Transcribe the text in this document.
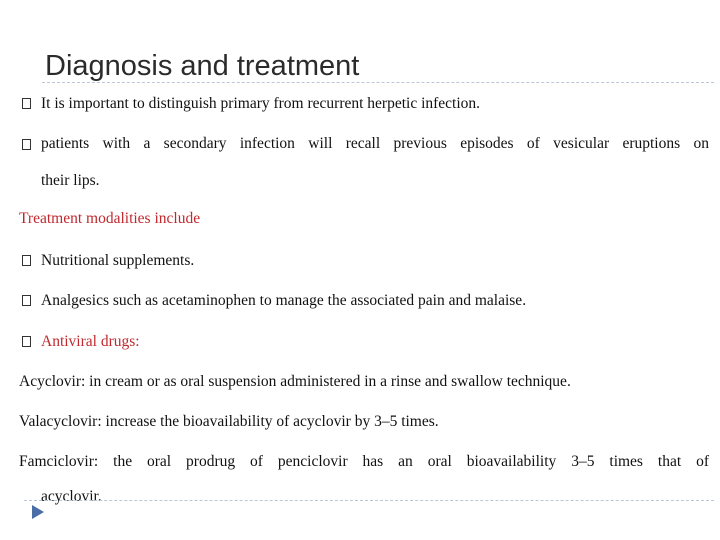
Diagnosis and treatment
It is important to distinguish primary from recurrent herpetic infection.
patients with a secondary infection will recall previous episodes of vesicular eruptions on
their lips.
Treatment modalities include
Nutritional supplements.
Analgesics such as acetaminophen to manage the associated pain and malaise.
Antiviral drugs:
Acyclovir: in cream or as oral suspension administered in a rinse and swallow technique.
Valacyclovir: increase the bioavailability of acyclovir by 3–5 times.
Famciclovir: the oral prodrug of penciclovir has an oral bioavailability 3–5 times that of
acyclovir.
